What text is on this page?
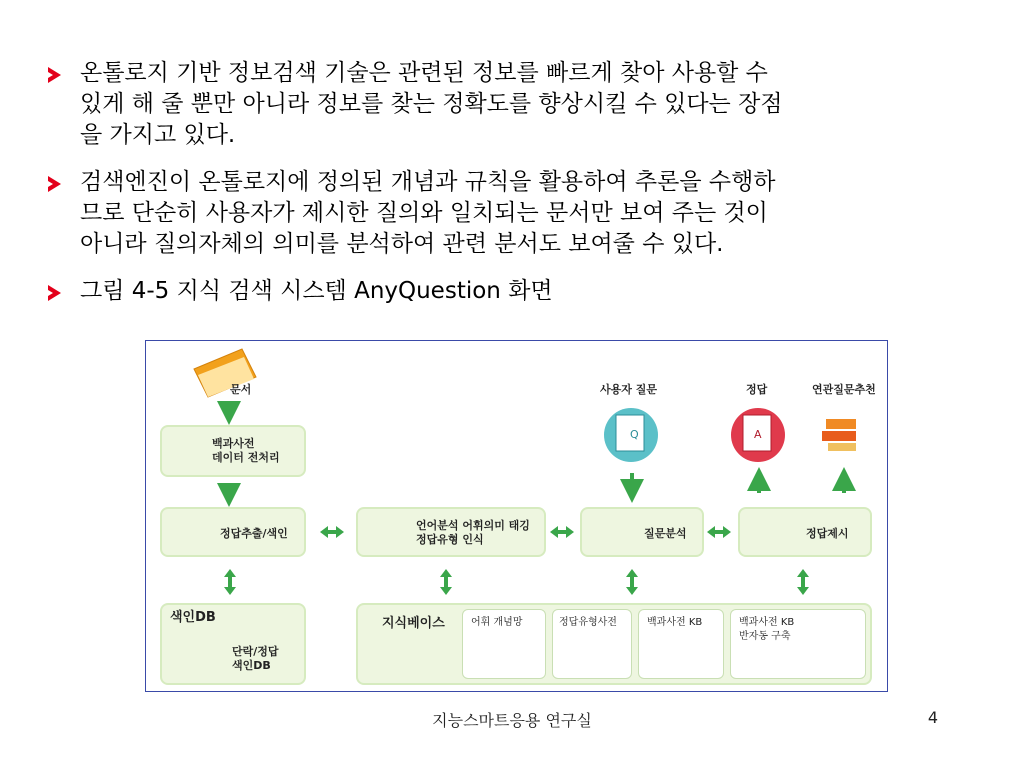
온톨로지 기반 정보검색 기술은 관련된 정보를 빠르게 찾아 사용할 수
있게 해 줄 뿐만 아니라 정보를 찾는 정확도를 향상시킬 수 있다는 장점
을 가지고 있다.
검색엔진이 온톨로지에 정의된 개념과 규칙을 활용하여 추론을 수행하
므로 단순히 사용자가 제시한 질의와 일치되는 문서만 보여 주는 것이
아니라 질의자체의 의미를 분석하여 관련 분서도 보여줄 수 있다.
그림 4-5 지식 검색 시스템 AnyQuestion 화면
Q	A
문서
백과사전
데이터 전처리
정답추출/색인
언어분석 어휘의미 태깅
정답유형 인식
사용자 질문	정답	연관질문추천
질문분석	정답제시
색인DB
단락/정답
색인DB
지식베이스	어휘 개념망	정답유형사전	백과사전 KB	백과사전 KB
반자동 구축
지능스마트응용 연구실	4
